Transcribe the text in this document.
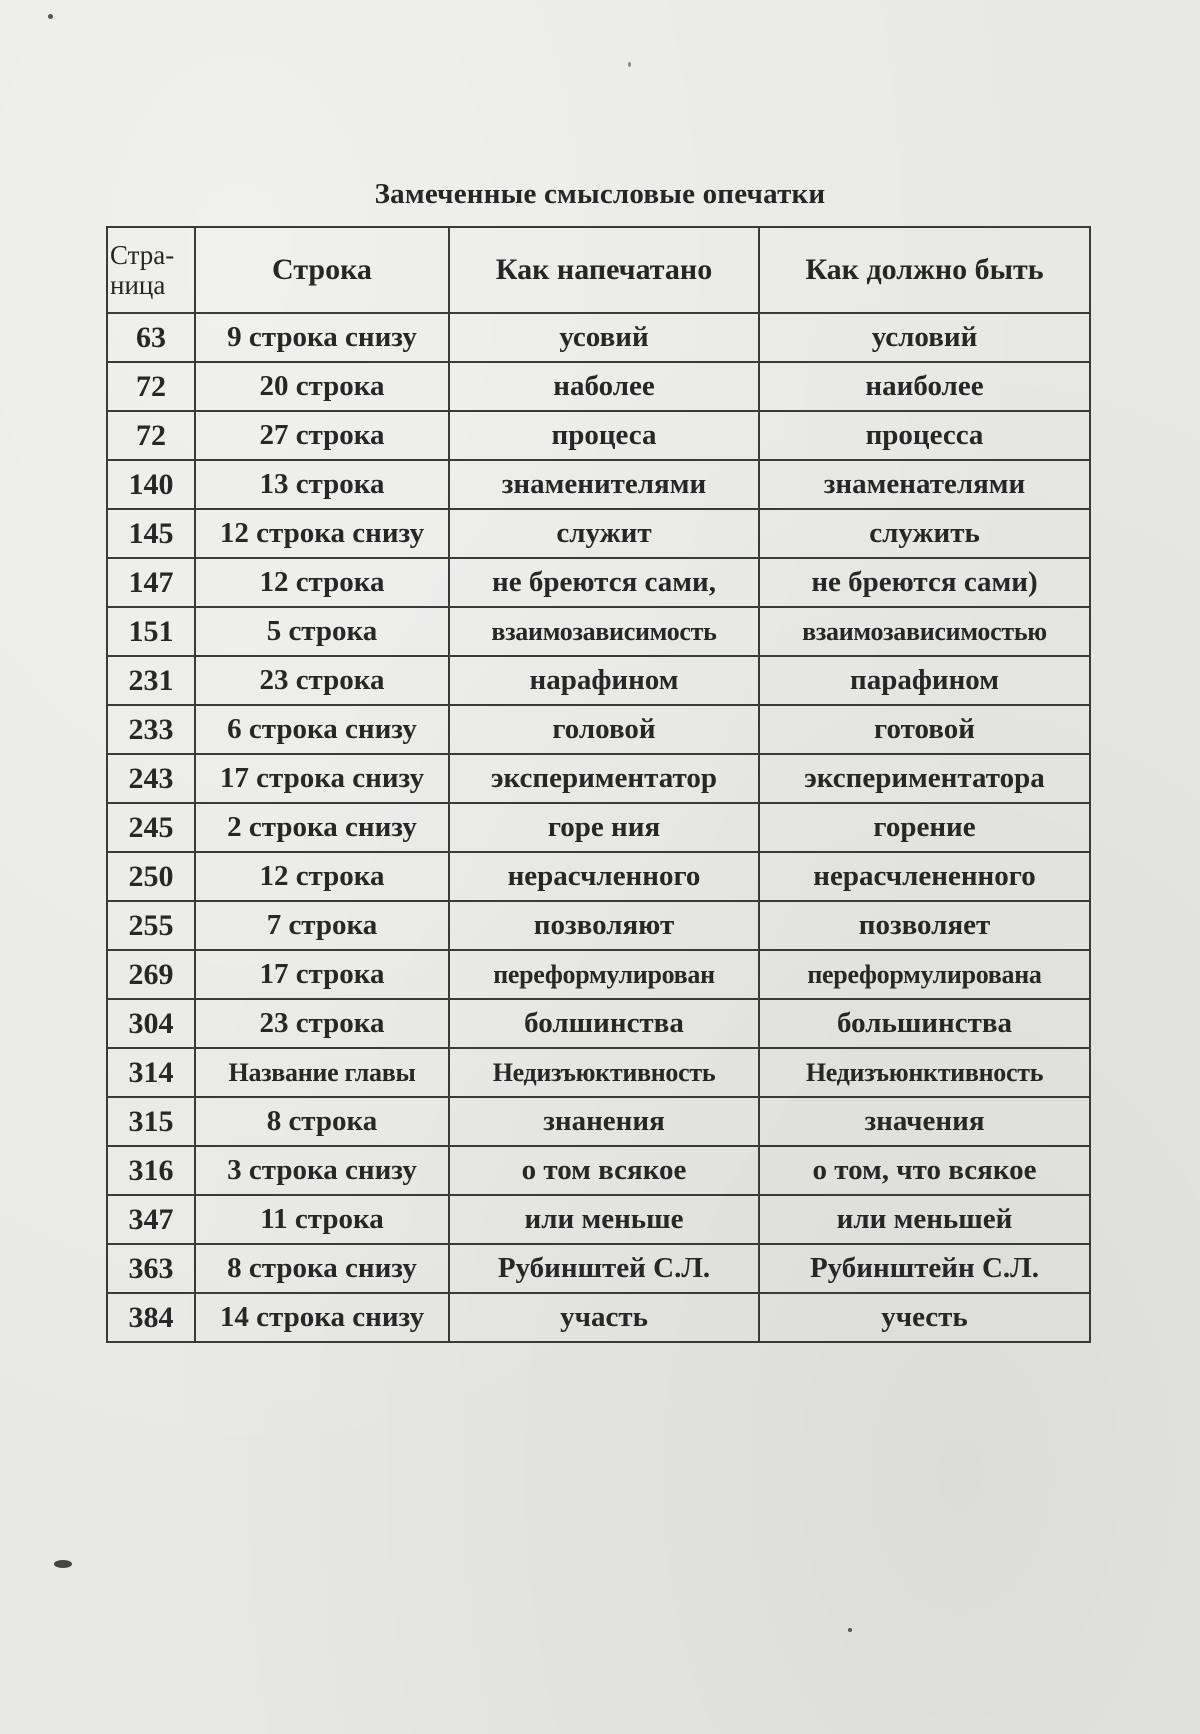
Замеченные смысловые опечатки
Стра-
ница	Строка	Как напечатано	Как должно быть
63	9 строка снизу	усовий	условий
72	20 строка	наболее	наиболее
72	27 строка	процеса	процесса
140	13 строка	знаменителями	знаменателями
145	12 строка снизу	служит	служить
147	12 строка	не бреются сами,	не бреются сами)
151	5 строка	взаимозависимость	взаимозависимостью
231	23 строка	нарафином	парафином
233	6 строка снизу	головой	готовой
243	17 строка снизу	экспериментатор	экспериментатора
245	2 строка снизу	горе ния	горение
250	12 строка	нерасчленного	нерасчлененного
255	7 строка	позволяют	позволяет
269	17 строка	переформулирован	переформулирована
304	23 строка	болшинства	большинства
314	Название главы	Недизъюктивность	Недизъюнктивность
315	8 строка	знанения	значения
316	3 строка снизу	о том всякое	о том, что всякое
347	11 строка	или меньше	или меньшей
363	8 строка снизу	Рубинштей С.Л.	Рубинштейн С.Л.
384	14 строка снизу	участь	учесть
